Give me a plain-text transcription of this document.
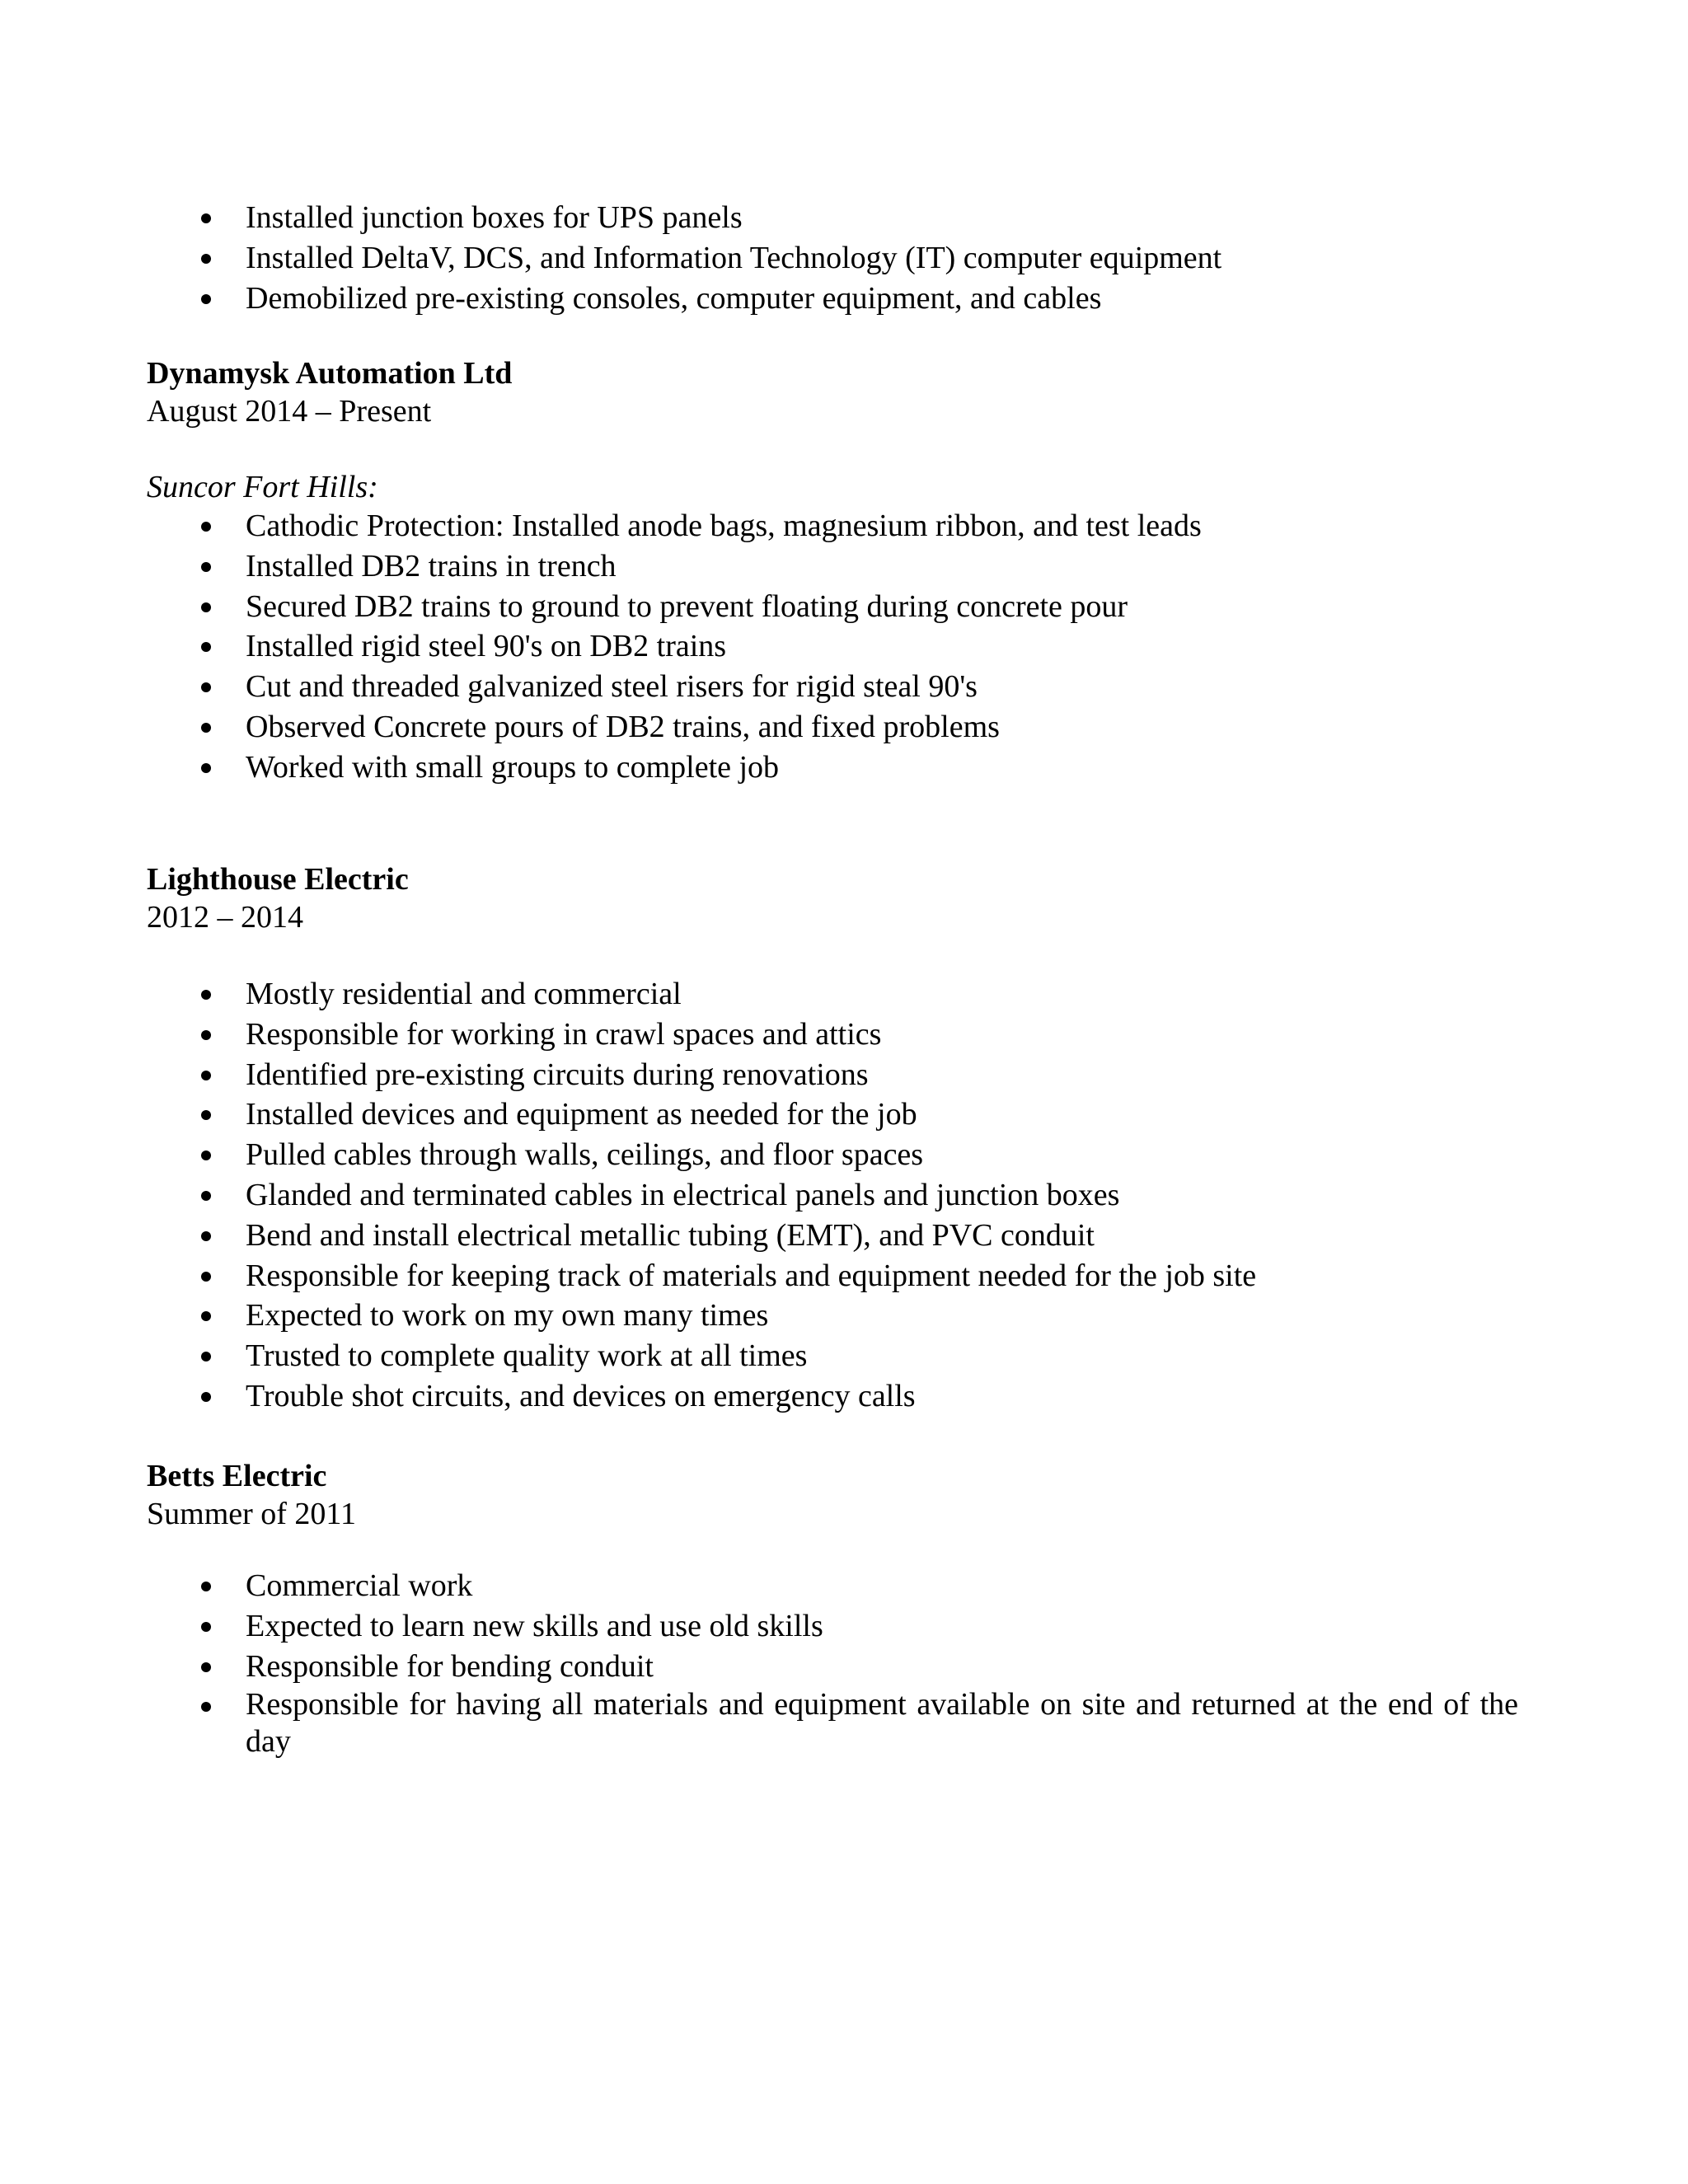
Installed junction boxes for UPS panels
Installed DeltaV, DCS, and Information Technology (IT) computer equipment
Demobilized pre-existing consoles, computer equipment, and cables

Dynamysk Automation Ltd

August 2014 – Present

Suncor Fort Hills:

Cathodic Protection: Installed anode bags, magnesium ribbon, and test leads
Installed DB2 trains in trench
Secured DB2 trains to ground to prevent floating during concrete pour
Installed rigid steel 90's on DB2 trains
Cut and threaded galvanized steel risers for rigid steal 90's
Observed Concrete pours of DB2 trains, and fixed problems
Worked with small groups to complete job

Lighthouse Electric

2012 – 2014

Mostly residential and commercial
Responsible for working in crawl spaces and attics
Identified pre-existing circuits during renovations
Installed devices and equipment as needed for the job
Pulled cables through walls, ceilings, and floor spaces
Glanded and terminated cables in electrical panels and junction boxes
Bend and install electrical metallic tubing (EMT), and PVC conduit
Responsible for keeping track of materials and equipment needed for the job site
Expected to work on my own many times
Trusted to complete quality work at all times
Trouble shot circuits, and devices on emergency calls

Betts Electric

Summer of 2011

Commercial work
Expected to learn new skills and use old skills
Responsible for bending conduit
Responsible for having all materials and equipment available on site and returned at the end of the day
